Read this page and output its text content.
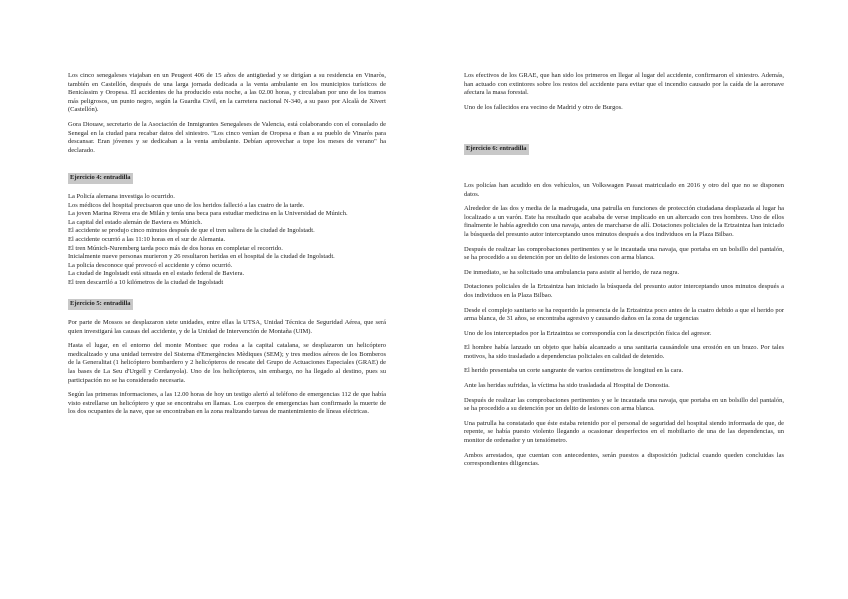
Los cinco senegaleses viajaban en un Peugeot 406 de 15 años de antigüedad y se dirigían a su residencia en Vinaròs, también en Castellón, después de una larga jornada dedicada a la venta ambulante en los municipios turísticos de Benicàssim y Oropesa. El accidentes de ha producido esta noche, a las 02.00 horas, y circulaban por uno de los tramos más peligrosos, un punto negro, según la Guardia Civil, en la carretera nacional N-340, a su paso por Alcalà de Xivert (Castellón).

Gora Diouaw, secretario de la Asociación de Inmigrantes Senegaleses de Valencia, está colaborando con el consulado de Senegal en la ciudad para recabar datos del siniestro. "Los cinco venían de Oropesa e iban a su pueblo de Vinaròs para descansar. Eran jóvenes y se dedicaban a la venta ambulante. Debían aprovechar a tope los meses de verano" ha declarado.

Ejercicio 4: entradilla

La Policía alemana investiga lo ocurrido.

Los médicos del hospital precisaron que uno de los heridos falleció a las cuatro de la tarde.

La joven Marina Rivera era de Milán y tenía una beca para estudiar medicina en la Universidad de Múnich.

La capital del estado alemán de Baviera es Múnich.

El accidente se produjo cinco minutos después de que el tren saliera de la ciudad de Ingolstadt.

El accidente ocurrió a las 11:10 horas en el sur de Alemania.

El tren Múnich-Nuremberg tarda poco más de dos horas en completar el recorrido.

Inicialmente nueve personas murieron y 26 resultaron heridas en el hospital de la ciudad de Ingolstadt.

La policía desconoce qué provocó el accidente y cómo ocurrió.

La ciudad de Ingolstadt está situada en el estado federal de Baviera.

El tren descarriló a 10 kilómetros de la ciudad de Ingolstadt

Ejercicio 5: entradilla

Por parte de Mossos se desplazaron siete unidades, entre ellas la UTSA, Unidad Técnica de Seguridad Aérea, que será quien investigará las causas del accidente, y de la Unidad de Intervención de Montaña (UIM).

Hasta el lugar, en el entorno del monte Montsec que rodea a la capital catalana, se desplazaron un helicóptero medicalizado y una unidad terrestre del Sistema d'Emergències Mèdiques (SEM); y tres medios aéreos de los Bomberos de la Generalitat (1 helicóptero bombardero y 2 helicópteros de rescate del Grupo de Actuaciones Especiales (GRAE) de las bases de La Seu d'Urgell y Cerdanyola). Uno de los helicópteros, sin embargo, no ha llegado al destino, pues su participación no se ha considerado necesaria.

Según las primeras informaciones, a las 12.00 horas de hoy un testigo alertó al teléfono de emergencias 112 de que había visto estrellarse un helicóptero y que se encontraba en llamas. Los cuerpos de emergencias han confirmado la muerte de los dos ocupantes de la nave, que se encontraban en la zona realizando tareas de mantenimiento de líneas eléctricas.

Los efectivos de los GRAE, que han sido los primeros en llegar al lugar del accidente, confirmaron el siniestro. Además, han actuado con extintores sobre los restos del accidente para evitar que el incendio causado por la caída de la aeronave afectara la masa forestal.

Uno de los fallecidos era vecino de Madrid y otro de Burgos.

Ejercicio 6: entradilla

Los policías han acudido en dos vehículos, un Volkswagen Passat matriculado en 2016 y otro del que no se disponen datos.

Alrededor de las dos y media de la madrugada, una patrulla en funciones de protección ciudadana desplazada al lugar ha localizado a un varón. Este ha resultado que acababa de verse implicado en un altercado con tres hombres. Uno de ellos finalmente le había agredido con una navaja, antes de marcharse de allí. Dotaciones policiales de la Ertzaintza han iniciado la búsqueda del presunto autor interceptando unos minutos después a dos individuos en la Plaza Bilbao.

Después de realizar las comprobaciones pertinentes y se le incautada una navaja, que portaba en un bolsillo del pantalón, se ha procedido a su detención por un delito de lesiones con arma blanca.

De inmediato, se ha solicitado una ambulancia para asistir al herido, de raza negra.

Dotaciones policiales de la Ertzaintza han iniciado la búsqueda del presunto autor interceptando unos minutos después a dos individuos en la Plaza Bilbao.

Desde el complejo sanitario se ha requerido la presencia de la Ertzaintza poco antes de la cuatro debido a que el herido por arma blanca, de 31 años, se encontraba agresivo y causando daños en la zona de urgencias

Uno de los interceptados por la Ertzaintza se correspondía con la descripción física del agresor.

El hombre había lanzado un objeto que había alcanzado a una sanitaria causándole una erosión en un brazo. Por tales motivos, ha sido trasladado a dependencias policiales en calidad de detenido.

El herido presentaba un corte sangrante de varios centímetros de longitud en la cara.

Ante las heridas sufridas, la víctima ha sido trasladada al Hospital de Donostia.

Después de realizar las comprobaciones pertinentes y se le incautada una navaja, que portaba en un bolsillo del pantalón, se ha procedido a su detención por un delito de lesiones con arma blanca.

Una patrulla ha constatado que éste estaba retenido por el personal de seguridad del hospital siendo informada de que, de repente, se había puesto violento llegando a ocasionar desperfectos en el mobiliario de una de las dependencias, un monitor de ordenador y un tensiómetro.

Ambos arrestados, que cuentan con antecedentes, serán puestos a disposición judicial cuando queden concluidas las correspondientes diligencias.
